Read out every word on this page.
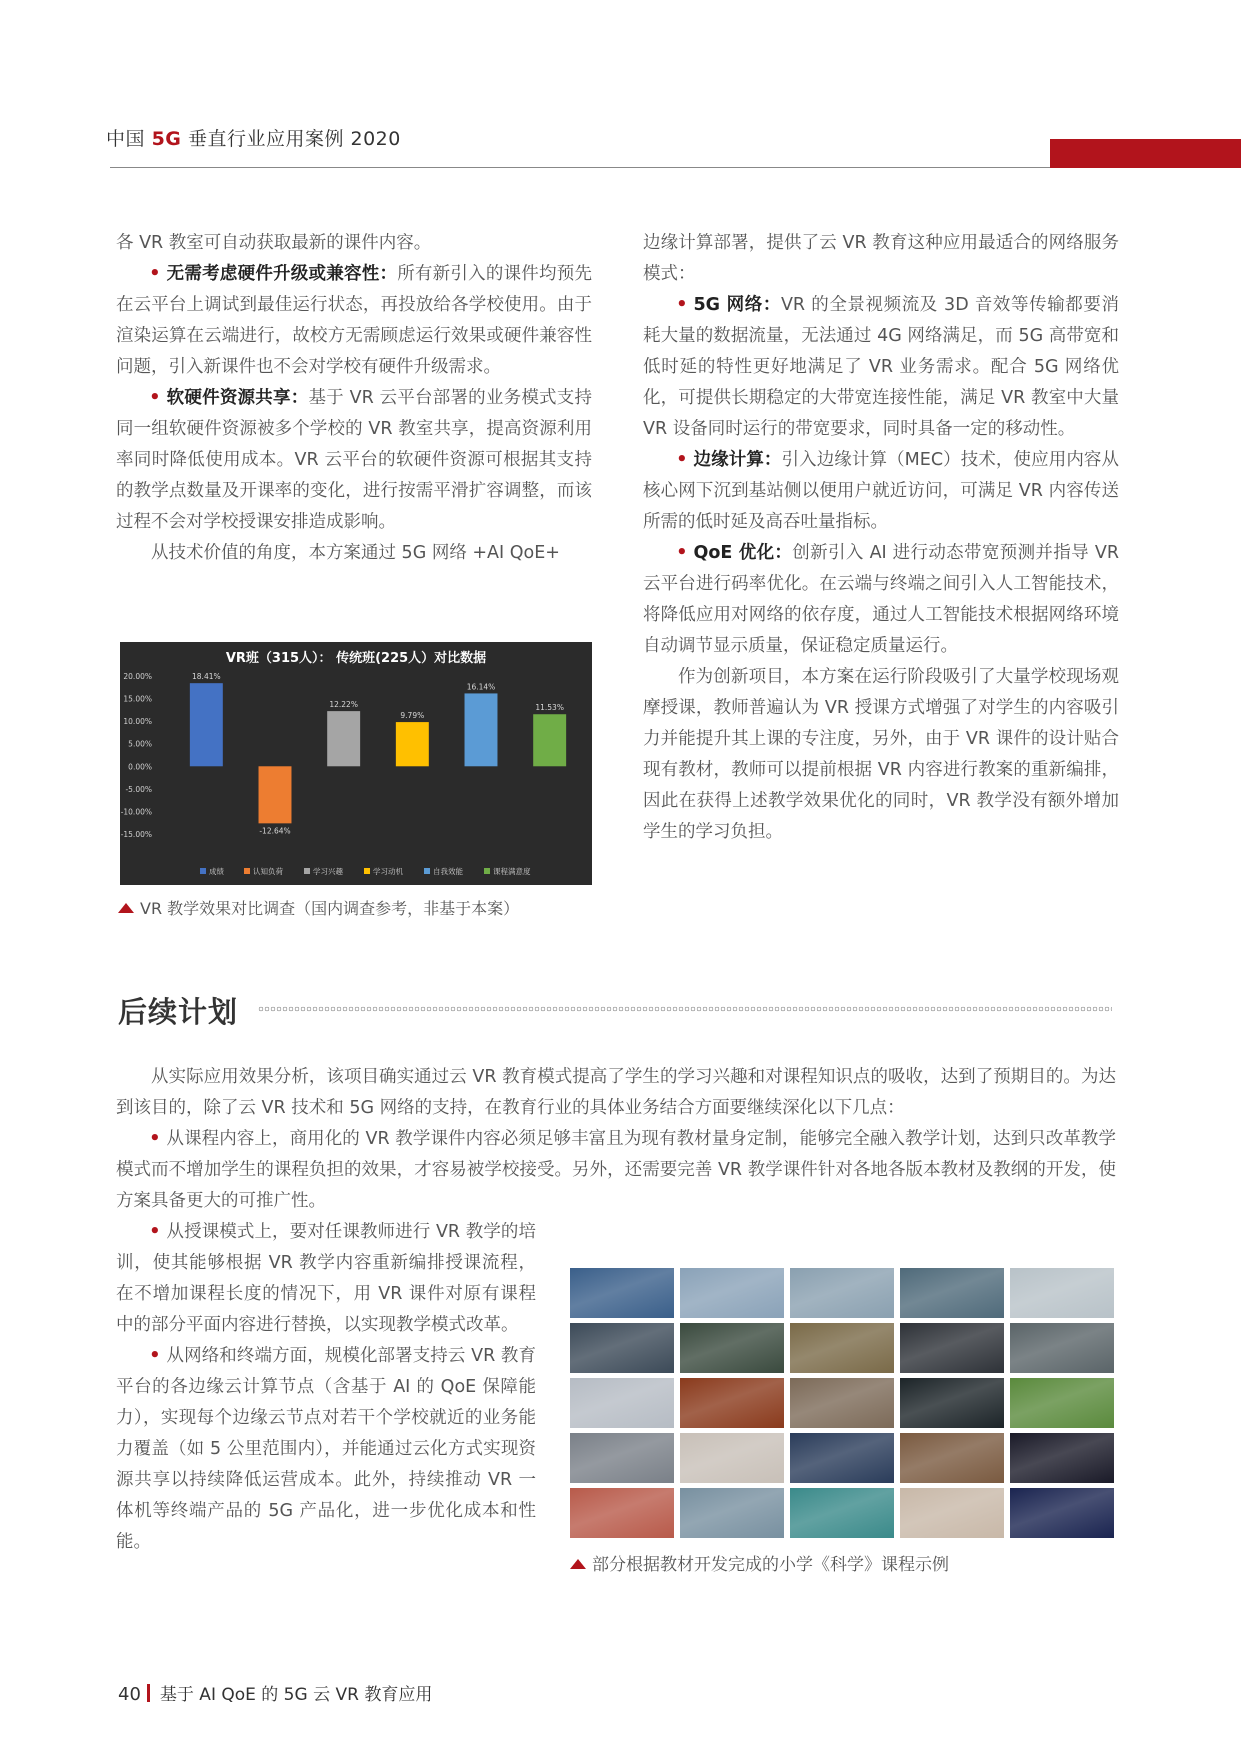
中国 5G 垂直行业应用案例 2020

各 VR 教室可自动获取最新的课件内容。

• 无需考虑硬件升级或兼容性：所有新引入的课件均预先在云平台上调试到最佳运行状态，再投放给各学校使用。由于渲染运算在云端进行，故校方无需顾虑运行效果或硬件兼容性问题，引入新课件也不会对学校有硬件升级需求。

• 软硬件资源共享：基于 VR 云平台部署的业务模式支持同一组软硬件资源被多个学校的 VR 教室共享，提高资源利用率同时降低使用成本。VR 云平台的软硬件资源可根据其支持的教学点数量及开课率的变化，进行按需平滑扩容调整，而该过程不会对学校授课安排造成影响。

从技术价值的角度，本方案通过 5G 网络 +AI QoE+

VR班（315人）： 传统班(225人）对比数据
20.00%
15.00%
10.00%
5.00%
0.00%
-5.00%
-10.00%
-15.00%
18.41%
-12.64%
12.22%
9.79%
16.14%
11.53%
成绩	认知负荷	学习兴趣	学习动机	自我效能	课程满意度
VR 教学效果对比调查（国内调查参考，非基于本案）

边缘计算部署，提供了云 VR 教育这种应用最适合的网络服务模式：

• 5G 网络：VR 的全景视频流及 3D 音效等传输都要消耗大量的数据流量，无法通过 4G 网络满足，而 5G 高带宽和低时延的特性更好地满足了 VR 业务需求。配合 5G 网络优化，可提供长期稳定的大带宽连接性能，满足 VR 教室中大量 VR 设备同时运行的带宽要求，同时具备一定的移动性。

• 边缘计算：引入边缘计算（MEC）技术，使应用内容从核心网下沉到基站侧以便用户就近访问，可满足 VR 内容传送所需的低时延及高吞吐量指标。

• QoE 优化：创新引入 AI 进行动态带宽预测并指导 VR 云平台进行码率优化。在云端与终端之间引入人工智能技术，将降低应用对网络的依存度，通过人工智能技术根据网络环境自动调节显示质量，保证稳定质量运行。

作为创新项目，本方案在运行阶段吸引了大量学校现场观摩授课，教师普遍认为 VR 授课方式增强了对学生的内容吸引力并能提升其上课的专注度，另外，由于 VR 课件的设计贴合现有教材，教师可以提前根据 VR 内容进行教案的重新编排，因此在获得上述教学效果优化的同时，VR 教学没有额外增加学生的学习负担。

后续计划

从实际应用效果分析，该项目确实通过云 VR 教育模式提高了学生的学习兴趣和对课程知识点的吸收，达到了预期目的。为达到该目的，除了云 VR 技术和 5G 网络的支持，在教育行业的具体业务结合方面要继续深化以下几点：

• 从课程内容上，商用化的 VR 教学课件内容必须足够丰富且为现有教材量身定制，能够完全融入教学计划，达到只改革教学模式而不增加学生的课程负担的效果，才容易被学校接受。另外，还需要完善 VR 教学课件针对各地各版本教材及教纲的开发，使方案具备更大的可推广性。

• 从授课模式上，要对任课教师进行 VR 教学的培训，使其能够根据 VR 教学内容重新编排授课流程，在不增加课程长度的情况下，用 VR 课件对原有课程中的部分平面内容进行替换，以实现教学模式改革。

• 从网络和终端方面，规模化部署支持云 VR 教育平台的各边缘云计算节点（含基于 AI 的 QoE 保障能力），实现每个边缘云节点对若干个学校就近的业务能力覆盖（如 5 公里范围内），并能通过云化方式实现资源共享以持续降低运营成本。此外，持续推动 VR 一体机等终端产品的 5G 产品化，进一步优化成本和性能。

部分根据教材开发完成的小学《科学》课程示例
40 基于 AI QoE 的 5G 云 VR 教育应用
